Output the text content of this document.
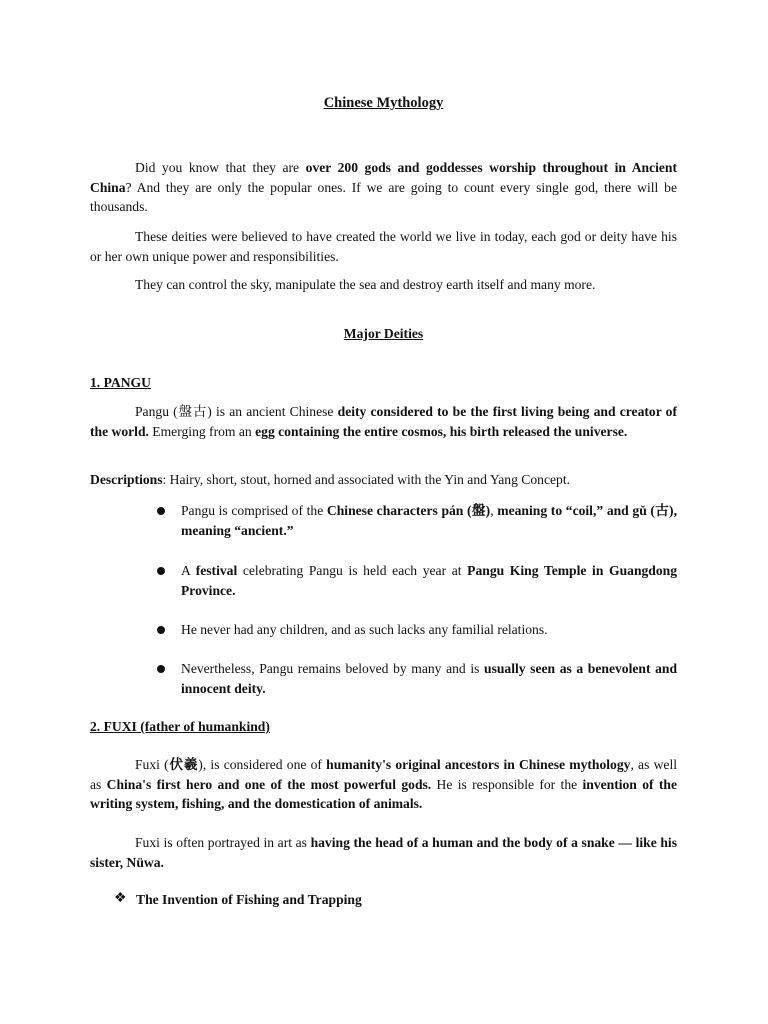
Chinese Mythology

Did you know that they are over 200 gods and goddesses worship throughout in Ancient China? And they are only the popular ones. If we are going to count every single god, there will be thousands.

These deities were believed to have created the world we live in today, each god or deity have his or her own unique power and responsibilities.

They can control the sky, manipulate the sea and destroy earth itself and many more.

Major Deities

1. PANGU

Pangu (盤古) is an ancient Chinese deity considered to be the first living being and creator of the world. Emerging from an egg containing the entire cosmos, his birth released the universe.

Descriptions: Hairy, short, stout, horned and associated with the Yin and Yang Concept.

Pangu is comprised of the Chinese characters pán (盤), meaning to “coil,” and gǔ (古), meaning “ancient.”

A festival celebrating Pangu is held each year at Pangu King Temple in Guangdong Province.

He never had any children, and as such lacks any familial relations.

Nevertheless, Pangu remains beloved by many and is usually seen as a benevolent and innocent deity.

2. FUXI (father of humankind)

Fuxi (伏羲), is considered one of humanity's original ancestors in Chinese mythology, as well as China's first hero and one of the most powerful gods. He is responsible for the invention of the writing system, fishing, and the domestication of animals.

Fuxi is often portrayed in art as having the head of a human and the body of a snake — like his sister, Nüwa.

❖ The Invention of Fishing and Trapping
